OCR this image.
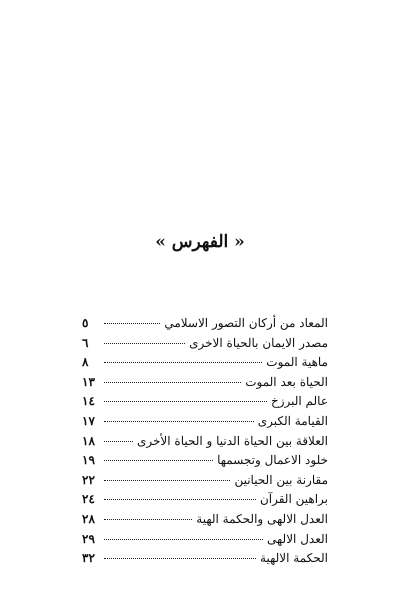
« الفهرس »
المعاد من أركان التصور الاسلامي
٥
مصدر الايمان بالحياة الاخرى
٦
ماهية الموت
٨
الحياة بعد الموت
١٣
عالم البرزخ
١٤
القيامة الكبرى
١٧
العلاقة بين الحياة الدنيا و الحياة الأخرى
١٨
خلود الاعمال وتجسمها
١٩
مقارنة بين الحيانين
٢٢
براهين القرآن
٢٤
العدل الالهى والحكمة الهية
٢٨
العدل الالهى
٢٩
الحكمة الالهية
٣٢
